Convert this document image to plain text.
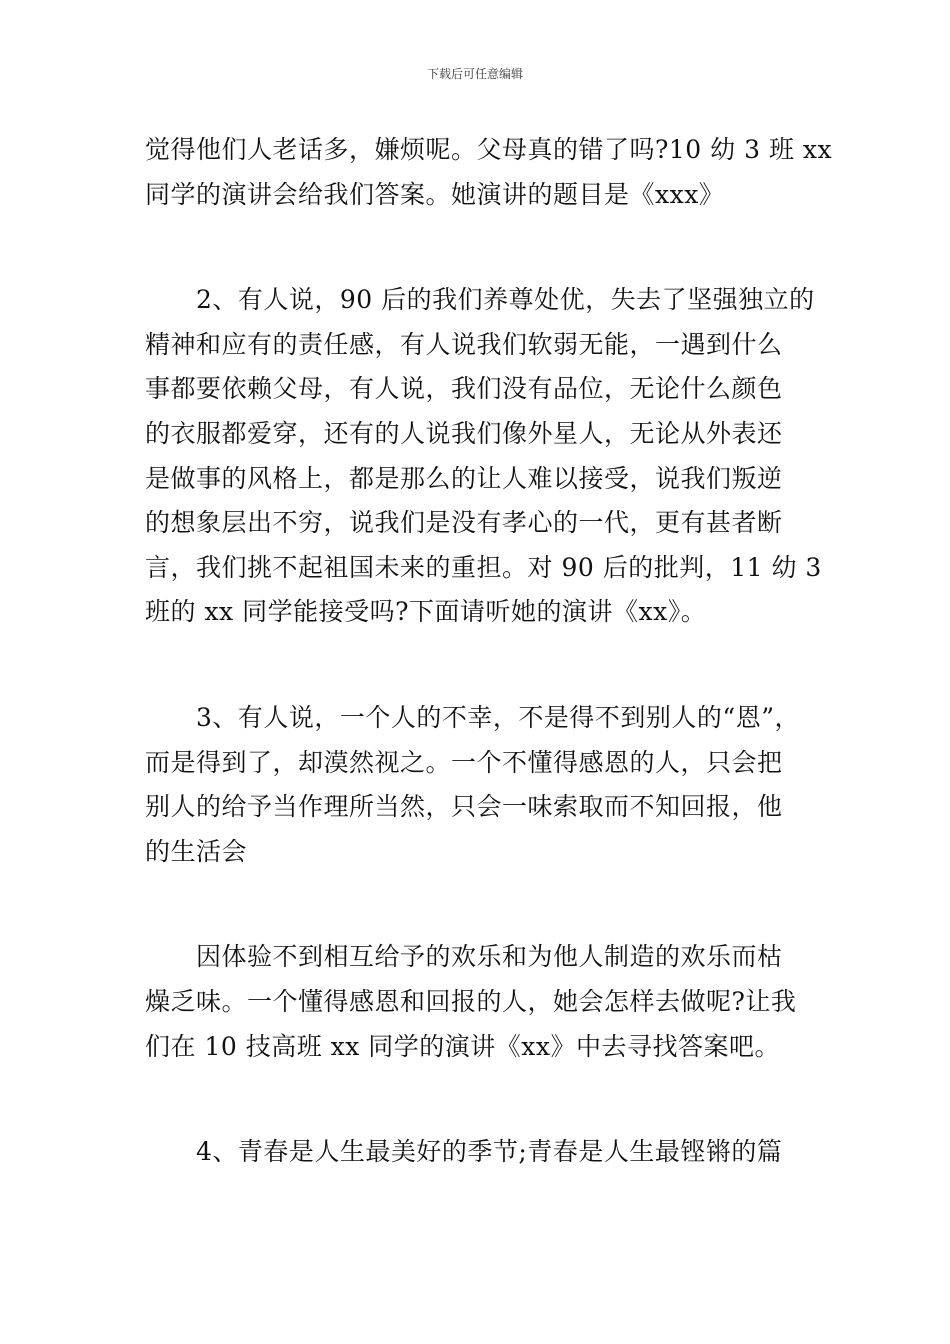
下载后可任意编辑
觉得他们人老话多，嫌烦呢。父母真的错了吗?10 幼 3 班 xx
同学的演讲会给我们答案。她演讲的题目是《xxx》
　　2、有人说，90 后的我们养尊处优，失去了坚强独立的
精神和应有的责任感，有人说我们软弱无能，一遇到什么
事都要依赖父母，有人说，我们没有品位，无论什么颜色
的衣服都爱穿，还有的人说我们像外星人，无论从外表还
是做事的风格上，都是那么的让人难以接受，说我们叛逆
的想象层出不穷，说我们是没有孝心的一代，更有甚者断
言，我们挑不起祖国未来的重担。对 90 后的批判，11 幼 3
班的 xx 同学能接受吗?下面请听她的演讲《xx》。
　　3、有人说，一个人的不幸，不是得不到别人的“恩”，
而是得到了，却漠然视之。一个不懂得感恩的人，只会把
别人的给予当作理所当然，只会一味索取而不知回报，他
的生活会
　　因体验不到相互给予的欢乐和为他人制造的欢乐而枯
燥乏味。一个懂得感恩和回报的人，她会怎样去做呢?让我
们在 10 技高班 xx 同学的演讲《xx》中去寻找答案吧。
　　4、青春是人生最美好的季节;青春是人生最铿锵的篇
